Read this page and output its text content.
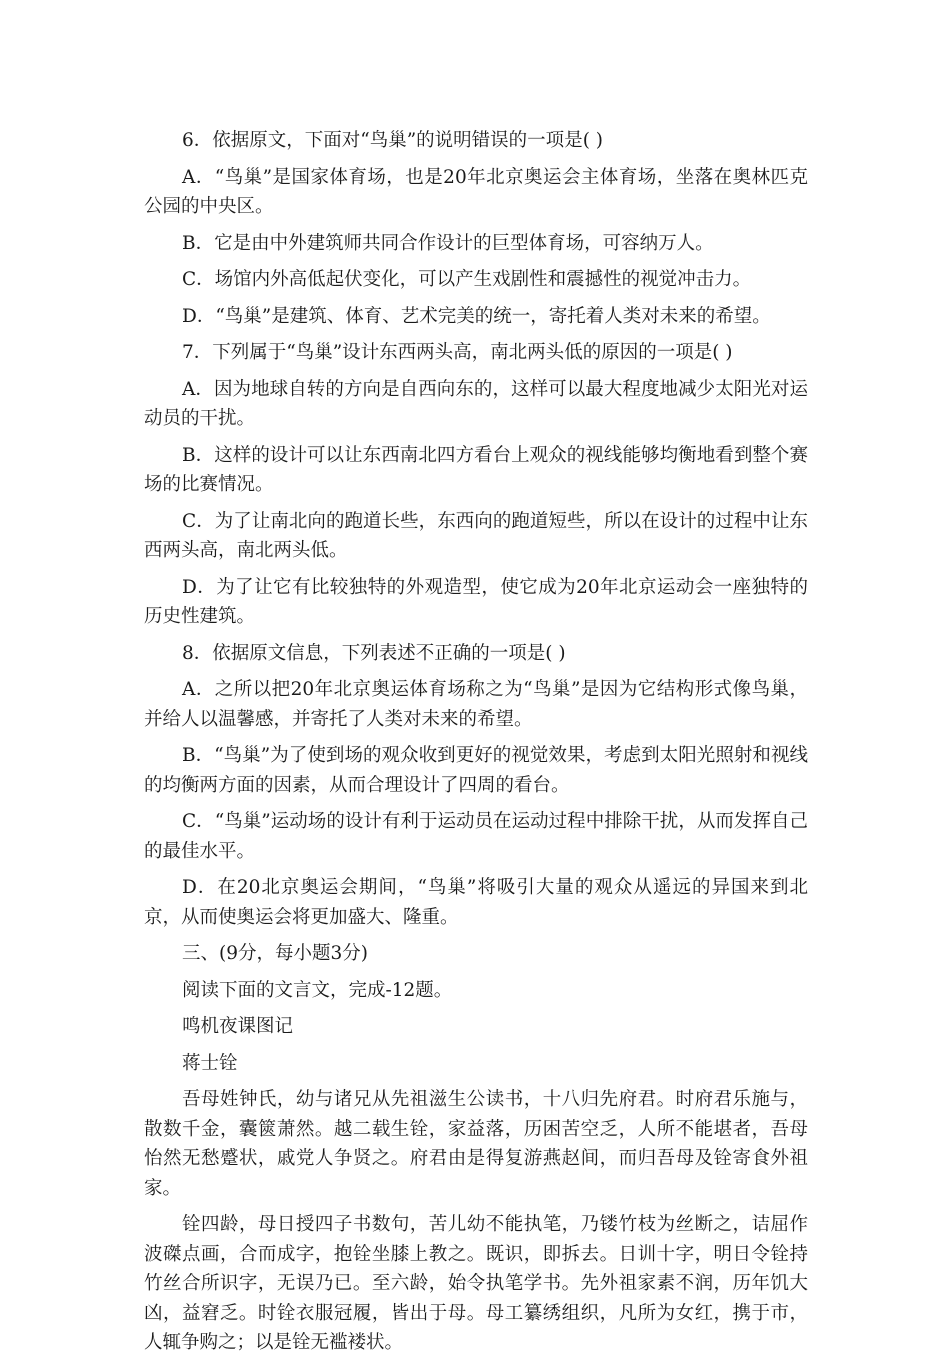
6．依据原文，下面对“鸟巢”的说明错误的一项是( )

A．“鸟巢”是国家体育场，也是20年北京奥运会主体育场，坐落在奥林匹克公园的中央区。

B．它是由中外建筑师共同合作设计的巨型体育场，可容纳万人。

C．场馆内外高低起伏变化，可以产生戏剧性和震撼性的视觉冲击力。

D．“鸟巢”是建筑、体育、艺术完美的统一，寄托着人类对未来的希望。

7．下列属于“鸟巢”设计东西两头高，南北两头低的原因的一项是( )

A．因为地球自转的方向是自西向东的，这样可以最大程度地减少太阳光对运动员的干扰。

B．这样的设计可以让东西南北四方看台上观众的视线能够均衡地看到整个赛场的比赛情况。

C．为了让南北向的跑道长些，东西向的跑道短些，所以在设计的过程中让东西两头高，南北两头低。

D．为了让它有比较独特的外观造型，使它成为20年北京运动会一座独特的历史性建筑。

8．依据原文信息，下列表述不正确的一项是( )

A．之所以把20年北京奥运体育场称之为“鸟巢”是因为它结构形式像鸟巢，并给人以温馨感，并寄托了人类对未来的希望。

B．“鸟巢”为了使到场的观众收到更好的视觉效果，考虑到太阳光照射和视线的均衡两方面的因素，从而合理设计了四周的看台。

C．“鸟巢”运动场的设计有利于运动员在运动过程中排除干扰，从而发挥自己的最佳水平。

D．在20北京奥运会期间，“鸟巢”将吸引大量的观众从遥远的异国来到北京，从而使奥运会将更加盛大、隆重。

三、(9分，每小题3分)

阅读下面的文言文，完成-12题。

鸣机夜课图记

蒋士铨

吾母姓钟氏，幼与诸兄从先祖滋生公读书，十八归先府君。时府君乐施与，散数千金，囊篋萧然。越二载生铨，家益落，历困苦空乏，人所不能堪者，吾母怡然无愁蹙状，戚党人争贤之。府君由是得复游燕赵间，而归吾母及铨寄食外祖家。

铨四龄，母日授四子书数句，苦儿幼不能执笔，乃镂竹枝为丝断之，诘屈作波磔点画，合而成字，抱铨坐膝上教之。既识，即拆去。日训十字，明日令铨持竹丝合所识字，无误乃已。至六龄，始令执笔学书。先外祖家素不润，历年饥大凶，益窘乏。时铨衣服冠履，皆出于母。母工纂绣组织，凡所为女红，携于市，人辄争购之；以是铨无褴褛状。
